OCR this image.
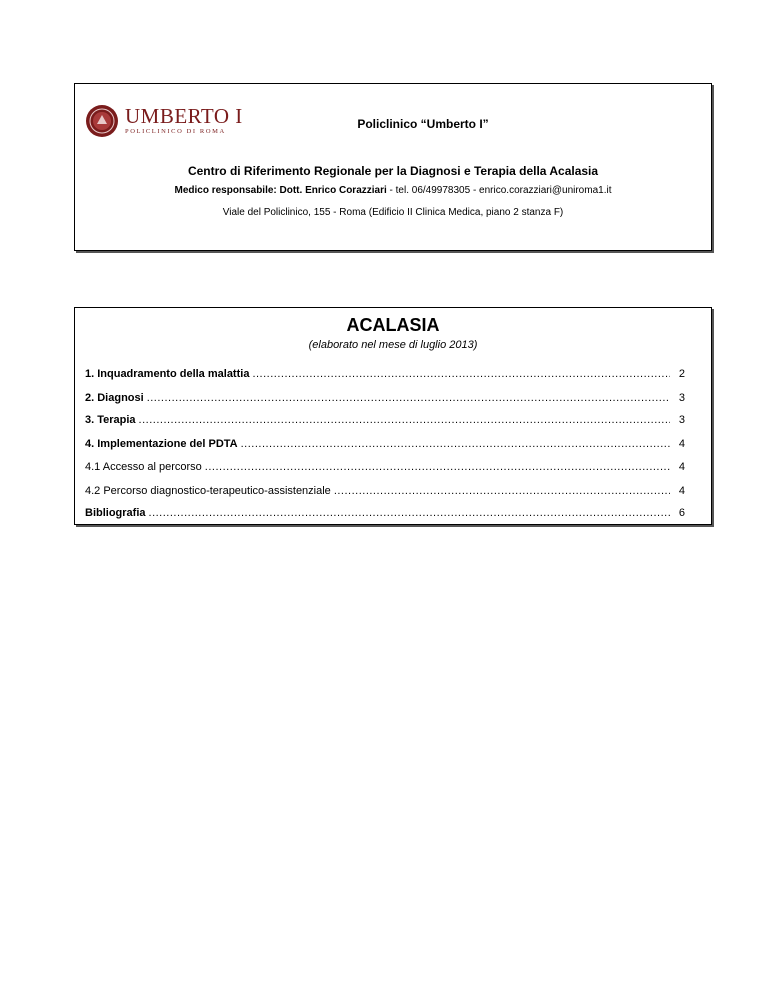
UMBERTO I
POLICLINICO DI ROMA
Policlinico “Umberto I”
Centro di Riferimento Regionale per la Diagnosi e Terapia della Acalasia
Medico responsabile: Dott. Enrico Corazziari - tel. 06/49978305 - enrico.corazziari@uniroma1.it
Viale del Policlinico, 155 - Roma (Edificio II Clinica Medica, piano 2 stanza F)
ACALASIA
(elaborato nel mese di luglio 2013)
1. Inquadramento della malattia .....	2
2. Diagnosi .....	3
3. Terapia .....	3
4. Implementazione del PDTA .....	4
4.1 Accesso al percorso .....	4
4.2 Percorso diagnostico-terapeutico-assistenziale .....	4
Bibliografia .....	6
